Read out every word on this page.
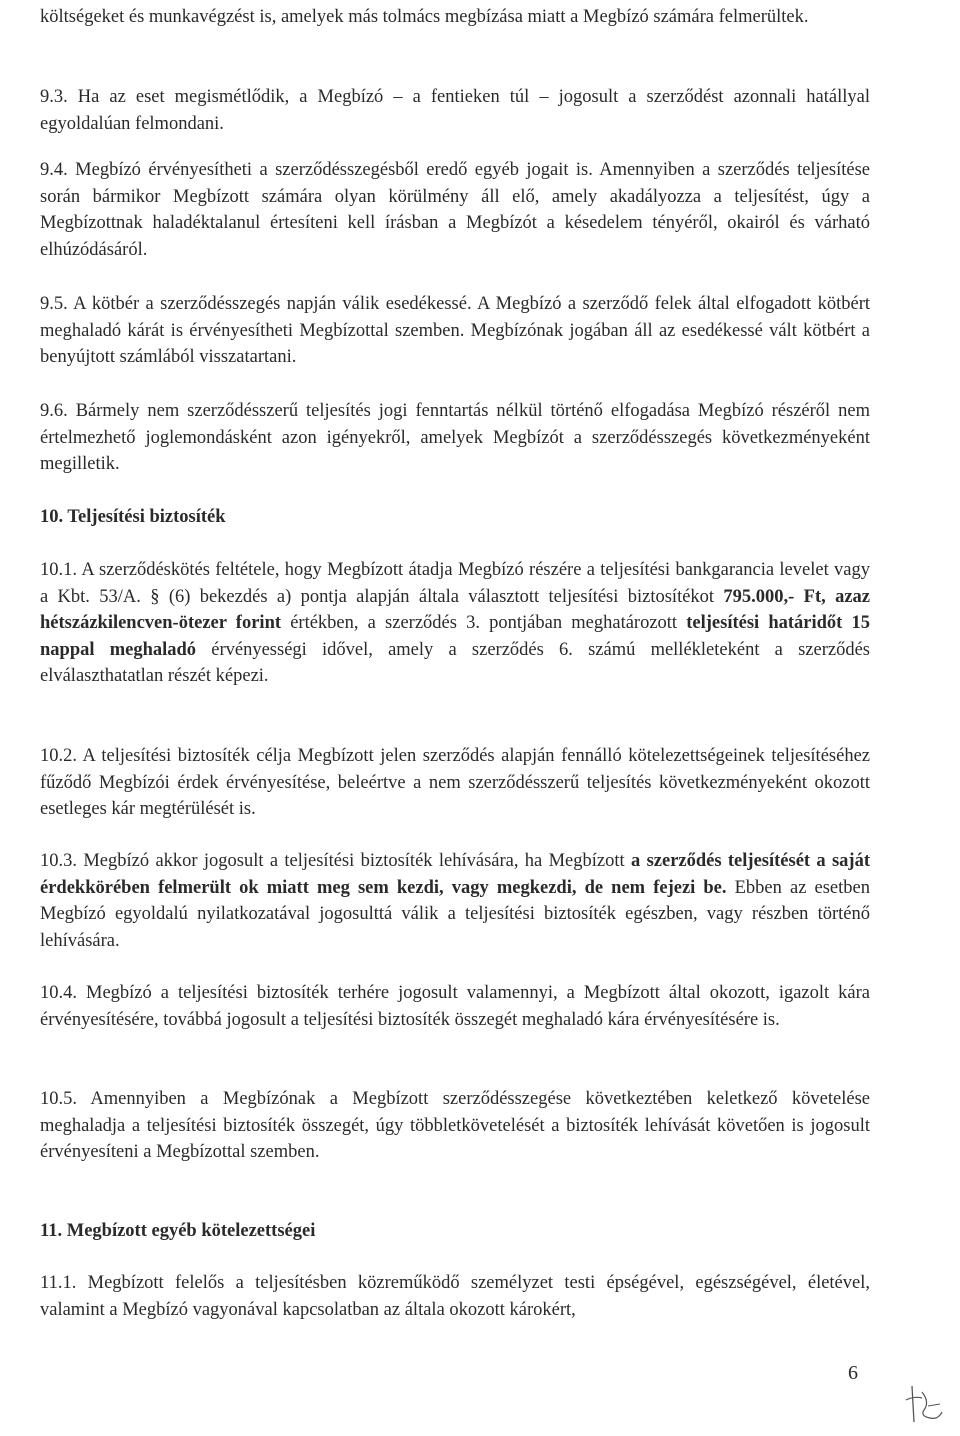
költségeket és munkavégzést is, amelyek más tolmács megbízása miatt a Megbízó számára felmerültek.
9.3. Ha az eset megismétlődik, a Megbízó – a fentieken túl – jogosult a szerződést azonnali hatállyal egyoldalúan felmondani.
9.4. Megbízó érvényesítheti a szerződésszegésből eredő egyéb jogait is. Amennyiben a szerződés teljesítése során bármikor Megbízott számára olyan körülmény áll elő, amely akadályozza a teljesítést, úgy a Megbízottnak haladéktalanul értesíteni kell írásban a Megbízót a késedelem tényéről, okairól és várható elhúzódásáról.
9.5. A kötbér a szerződésszegés napján válik esedékessé. A Megbízó a szerződő felek által elfogadott kötbért meghaladó kárát is érvényesítheti Megbízottal szemben. Megbízónak jogában áll az esedékessé vált kötbért a benyújtott számlából visszatartani.
9.6. Bármely nem szerződésszerű teljesítés jogi fenntartás nélkül történő elfogadása Megbízó részéről nem értelmezhető joglemondásként azon igényekről, amelyek Megbízót a szerződésszegés következményeként megilletik.
10. Teljesítési biztosíték
10.1. A szerződéskötés feltétele, hogy Megbízott átadja Megbízó részére a teljesítési bankgarancia levelet vagy a Kbt. 53/A. § (6) bekezdés a) pontja alapján általa választott teljesítési biztosítékot 795.000,- Ft, azaz hétszázkilencven-ötezer forint értékben, a szerződés 3. pontjában meghatározott teljesítési határidőt 15 nappal meghaladó érvényességi idővel, amely a szerződés 6. számú mellékleteként a szerződés elválaszthatatlan részét képezi.
10.2. A teljesítési biztosíték célja Megbízott jelen szerződés alapján fennálló kötelezettségeinek teljesítéséhez fűződő Megbízói érdek érvényesítése, beleértve a nem szerződésszerű teljesítés következményeként okozott esetleges kár megtérülését is.
10.3. Megbízó akkor jogosult a teljesítési biztosíték lehívására, ha Megbízott a szerződés teljesítését a saját érdekkörében felmerült ok miatt meg sem kezdi, vagy megkezdi, de nem fejezi be. Ebben az esetben Megbízó egyoldalú nyilatkozatával jogosulttá válik a teljesítési biztosíték egészben, vagy részben történő lehívására.
10.4. Megbízó a teljesítési biztosíték terhére jogosult valamennyi, a Megbízott által okozott, igazolt kára érvényesítésére, továbbá jogosult a teljesítési biztosíték összegét meghaladó kára érvényesítésére is.
10.5. Amennyiben a Megbízónak a Megbízott szerződésszegése következtében keletkező követelése meghaladja a teljesítési biztosíték összegét, úgy többletkövetelését a biztosíték lehívását követően is jogosult érvényesíteni a Megbízottal szemben.
11. Megbízott egyéb kötelezettségei
11.1. Megbízott felelős a teljesítésben közreműködő személyzet testi épségével, egészségével, életével, valamint a Megbízó vagyonával kapcsolatban az általa okozott károkért,
6
